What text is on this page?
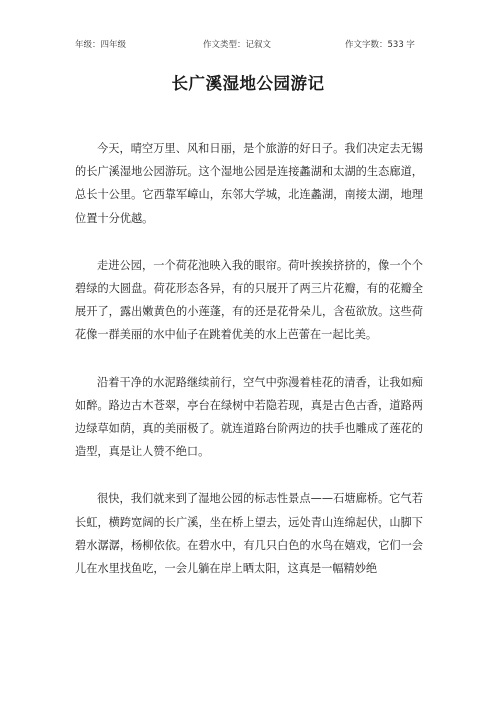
年级：四年级	作文类型：记叙文	作文字数：533 字
长广溪湿地公园游记

今天，晴空万里、风和日丽，是个旅游的好日子。我们决定去无锡的长广溪湿地公园游玩。这个湿地公园是连接蠡湖和太湖的生态廊道，总长十公里。它西靠军嶂山，东邻大学城，北连蠡湖，南接太湖，地理位置十分优越。

走进公园，一个荷花池映入我的眼帘。荷叶挨挨挤挤的，像一个个碧绿的大圆盘。荷花形态各异，有的只展开了两三片花瓣，有的花瓣全展开了，露出嫩黄色的小莲蓬，有的还是花骨朵儿，含苞欲放。这些荷花像一群美丽的水中仙子在跳着优美的水上芭蕾在一起比美。

沿着干净的水泥路继续前行，空气中弥漫着桂花的清香，让我如痴如醉。路边古木苍翠，亭台在绿树中若隐若现，真是古色古香，道路两边绿草如荫，真的美丽极了。就连道路台阶两边的扶手也雕成了莲花的造型，真是让人赞不绝口。

很快，我们就来到了湿地公园的标志性景点——石塘廊桥。它气若长虹，横跨宽阔的长广溪，坐在桥上望去，远处青山连绵起伏，山脚下碧水潺潺，杨柳依依。在碧水中，有几只白色的水鸟在嬉戏，它们一会儿在水里找鱼吃，一会儿躺在岸上晒太阳，这真是一幅精妙绝
